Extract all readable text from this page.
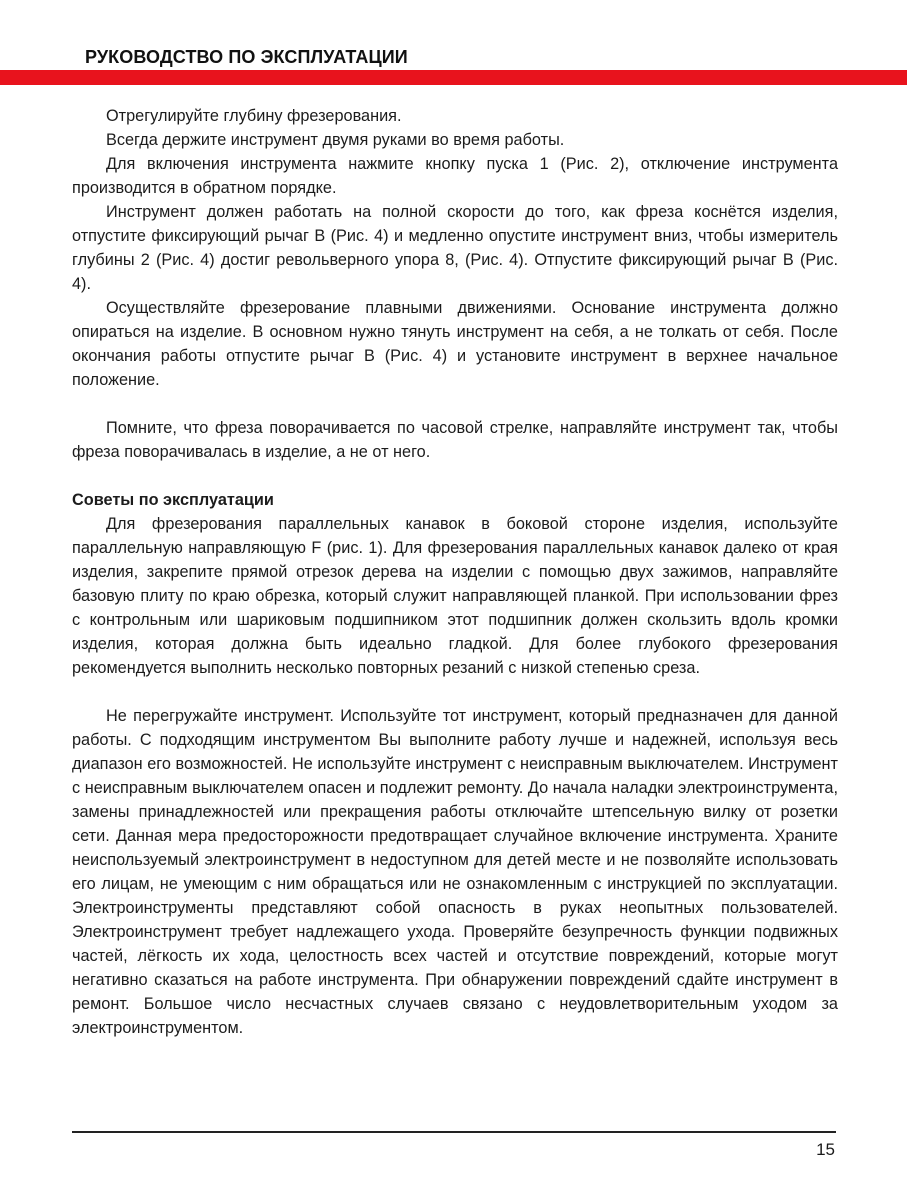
РУКОВОДСТВО ПО ЭКСПЛУАТАЦИИ

Отрегулируйте глубину фрезерования.

Всегда держите инструмент двумя руками во время работы.

Для включения инструмента нажмите кнопку пуска 1 (Рис. 2), отключение инструмента производится в обратном порядке.

Инструмент должен работать на полной скорости до того, как фреза коснётся изделия, отпустите фиксирующий рычаг В (Рис. 4) и медленно опустите инструмент вниз, чтобы измеритель глубины 2 (Рис. 4) достиг револьверного упора 8, (Рис. 4). Отпустите фиксирующий рычаг В (Рис. 4).

Осуществляйте фрезерование плавными движениями. Основание инструмента должно опираться на изделие. В основном нужно тянуть инструмент на себя, а не толкать от себя. После окончания работы отпустите рычаг В (Рис. 4) и установите инструмент в верхнее начальное положение.

Помните, что фреза поворачивается по часовой стрелке, направляйте инструмент так, чтобы фреза поворачивалась в изделие, а не от него.

Советы по эксплуатации

Для фрезерования параллельных канавок в боковой стороне изделия, используйте параллельную направляющую F (рис. 1). Для фрезерования параллельных канавок далеко от края изделия, закрепите прямой отрезок дерева на изделии с помощью двух зажимов, направляйте базовую плиту по краю обрезка, который служит направляющей планкой. При использовании фрез с контрольным или шариковым подшипником этот подшипник должен скользить вдоль кромки изделия, которая должна быть идеально гладкой. Для более глубокого фрезерования рекомендуется выполнить несколько повторных резаний с низкой степенью среза.

Не перегружайте инструмент. Используйте тот инструмент, который предназначен для данной работы. С подходящим инструментом Вы выполните работу лучше и надежней, используя весь диапазон его возможностей. Не используйте инструмент с неисправным выключателем. Инструмент с неисправным выключателем опасен и подлежит ремонту. До начала наладки электроинструмента, замены принадлежностей или прекращения работы отключайте штепсельную вилку от розетки сети. Данная мера предосторожности предотвращает случайное включение инструмента. Храните неиспользуемый электроинструмент в недоступном для детей месте и не позволяйте использовать его лицам, не умеющим с ним обращаться или не ознакомленным с инструкцией по эксплуатации. Электроинструменты представляют собой опасность в руках неопытных пользователей. Электроинструмент требует надлежащего ухода. Проверяйте безупречность функции подвижных частей, лёгкость их хода, целостность всех частей и отсутствие повреждений, которые могут негативно сказаться на работе инструмента. При обнаружении повреждений сдайте инструмент в ремонт. Большое число несчастных случаев связано с неудовлетворительным уходом за электроинструментом.

15
